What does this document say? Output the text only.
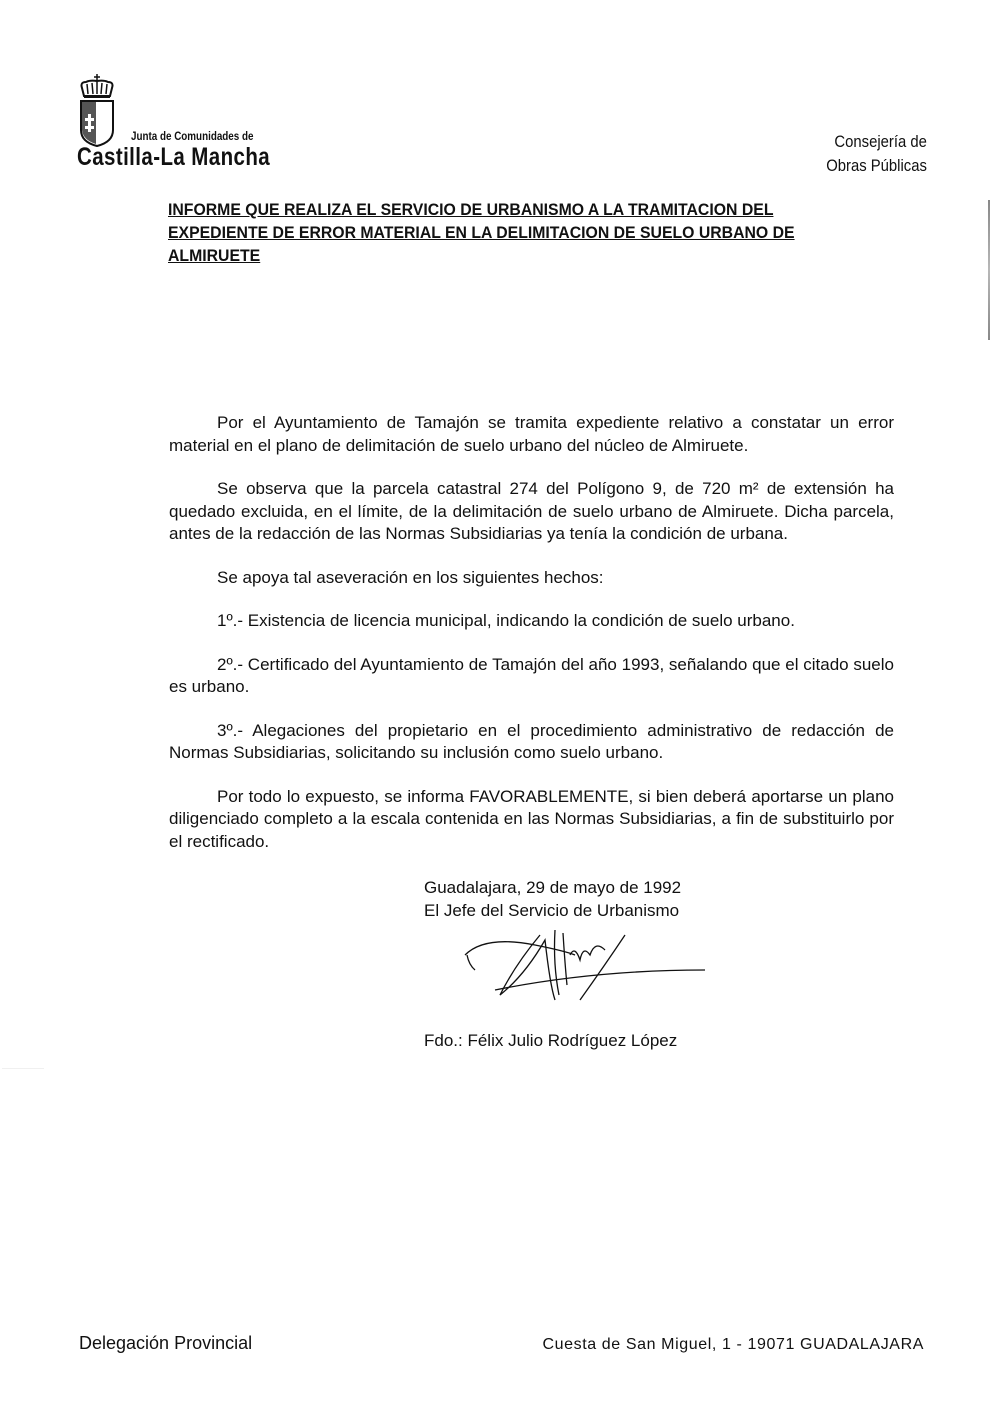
Junta de Comunidades de
Castilla-La Mancha
Consejería de
Obras Públicas
INFORME QUE REALIZA EL SERVICIO DE URBANISMO A LA TRAMITACION DEL EXPEDIENTE DE ERROR MATERIAL EN LA DELIMITACION DE SUELO URBANO DE ALMIRUETE

Por el Ayuntamiento de Tamajón se tramita expediente relativo a constatar un error material en el plano de delimitación de suelo urbano del núcleo de Almiruete.

Se observa que la parcela catastral 274 del Polígono 9, de 720 m² de extensión ha quedado excluida, en el límite, de la delimitación de suelo urbano de Almiruete. Dicha parcela, antes de la redacción de las Normas Subsidiarias ya tenía la condición de urbana.

Se apoya tal aseveración en los siguientes hechos:

1º.- Existencia de licencia municipal, indicando la condición de suelo urbano.

2º.- Certificado del Ayuntamiento de Tamajón del año 1993, señalando que el citado suelo es urbano.

3º.- Alegaciones del propietario en el procedimiento administrativo de redacción de Normas Subsidiarias, solicitando su inclusión como suelo urbano.

Por todo lo expuesto, se informa FAVORABLEMENTE, si bien deberá aportarse un plano diligenciado completo a la escala contenida en las Normas Subsidiarias, a fin de substituirlo por el rectificado.

Guadalajara, 29 de mayo de 1992
El Jefe del Servicio de Urbanismo
Fdo.: Félix Julio Rodríguez López
··········································
Delegación Provincial	Cuesta de San Miguel, 1 - 19071 GUADALAJARA
